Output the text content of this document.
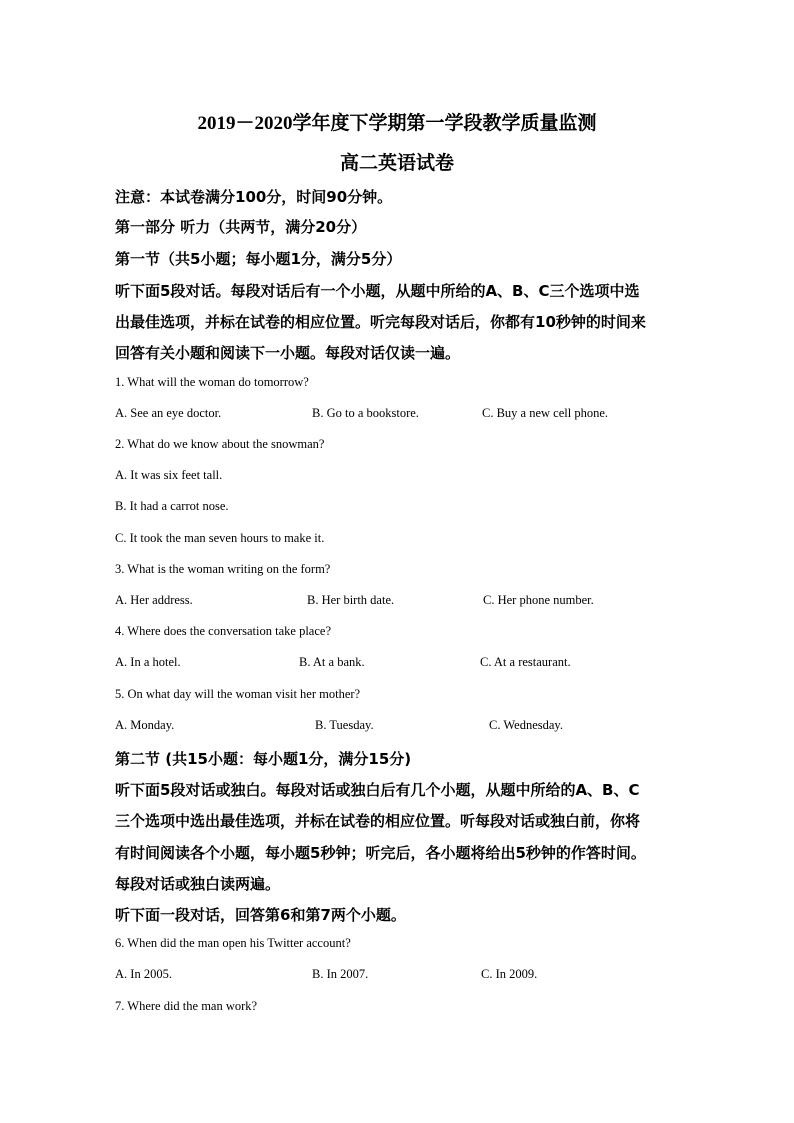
2019－2020学年度下学期第一学段教学质量监测
高二英语试卷
注意：本试卷满分100分，时间90分钟。
第一部分 听力（共两节，满分20分）
第一节（共5小题；每小题1分，满分5分）
听下面5段对话。每段对话后有一个小题，从题中所给的A、B、C三个选项中选
出最佳选项，并标在试卷的相应位置。听完每段对话后，你都有10秒钟的时间来
回答有关小题和阅读下一小题。每段对话仅读一遍。
1. What will the woman do tomorrow?
A. See an eye doctor.	B. Go to a bookstore.	C. Buy a new cell phone.
2. What do we know about the snowman?
A. It was six feet tall.
B. It had a carrot nose.
C. It took the man seven hours to make it.
3. What is the woman writing on the form?
A. Her address.	B. Her birth date.	C. Her phone number.
4. Where does the conversation take place?
A. In a hotel.	B. At a bank.	C. At a restaurant.
5. On what day will the woman visit her mother?
A. Monday.	B. Tuesday.	C. Wednesday.
第二节 (共15小题：每小题1分，满分15分)
听下面5段对话或独白。每段对话或独白后有几个小题，从题中所给的A、B、C
三个选项中选出最佳选项，并标在试卷的相应位置。听每段对话或独白前，你将
有时间阅读各个小题，每小题5秒钟；听完后，各小题将给出5秒钟的作答时间。
每段对话或独白读两遍。
听下面一段对话，回答第6和第7两个小题。
6. When did the man open his Twitter account?
A. In 2005.	B. In 2007.	C. In 2009.
7. Where did the man work?
